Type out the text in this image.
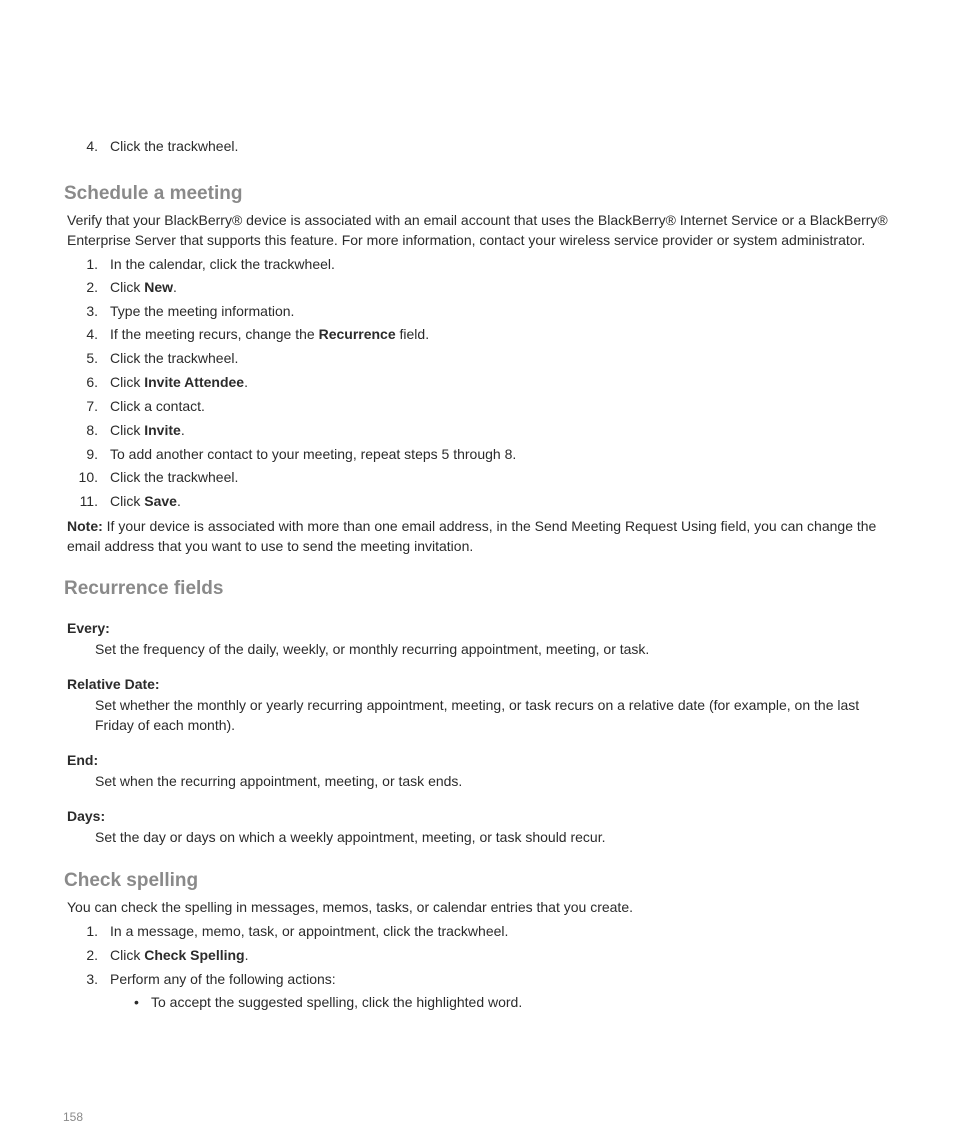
4. Click the trackwheel.
Schedule a meeting
Verify that your BlackBerry® device is associated with an email account that uses the BlackBerry® Internet Service or a BlackBerry® Enterprise Server that supports this feature. For more information, contact your wireless service provider or system administrator.
1. In the calendar, click the trackwheel.
2. Click New.
3. Type the meeting information.
4. If the meeting recurs, change the Recurrence field.
5. Click the trackwheel.
6. Click Invite Attendee.
7. Click a contact.
8. Click Invite.
9. To add another contact to your meeting, repeat steps 5 through 8.
10. Click the trackwheel.
11. Click Save.
Note: If your device is associated with more than one email address, in the Send Meeting Request Using field, you can change the email address that you want to use to send the meeting invitation.
Recurrence fields
Every:
Set the frequency of the daily, weekly, or monthly recurring appointment, meeting, or task.
Relative Date:
Set whether the monthly or yearly recurring appointment, meeting, or task recurs on a relative date (for example, on the last Friday of each month).
End:
Set when the recurring appointment, meeting, or task ends.
Days:
Set the day or days on which a weekly appointment, meeting, or task should recur.
Check spelling
You can check the spelling in messages, memos, tasks, or calendar entries that you create.
1. In a message, memo, task, or appointment, click the trackwheel.
2. Click Check Spelling.
3. Perform any of the following actions:
• To accept the suggested spelling, click the highlighted word.
158
